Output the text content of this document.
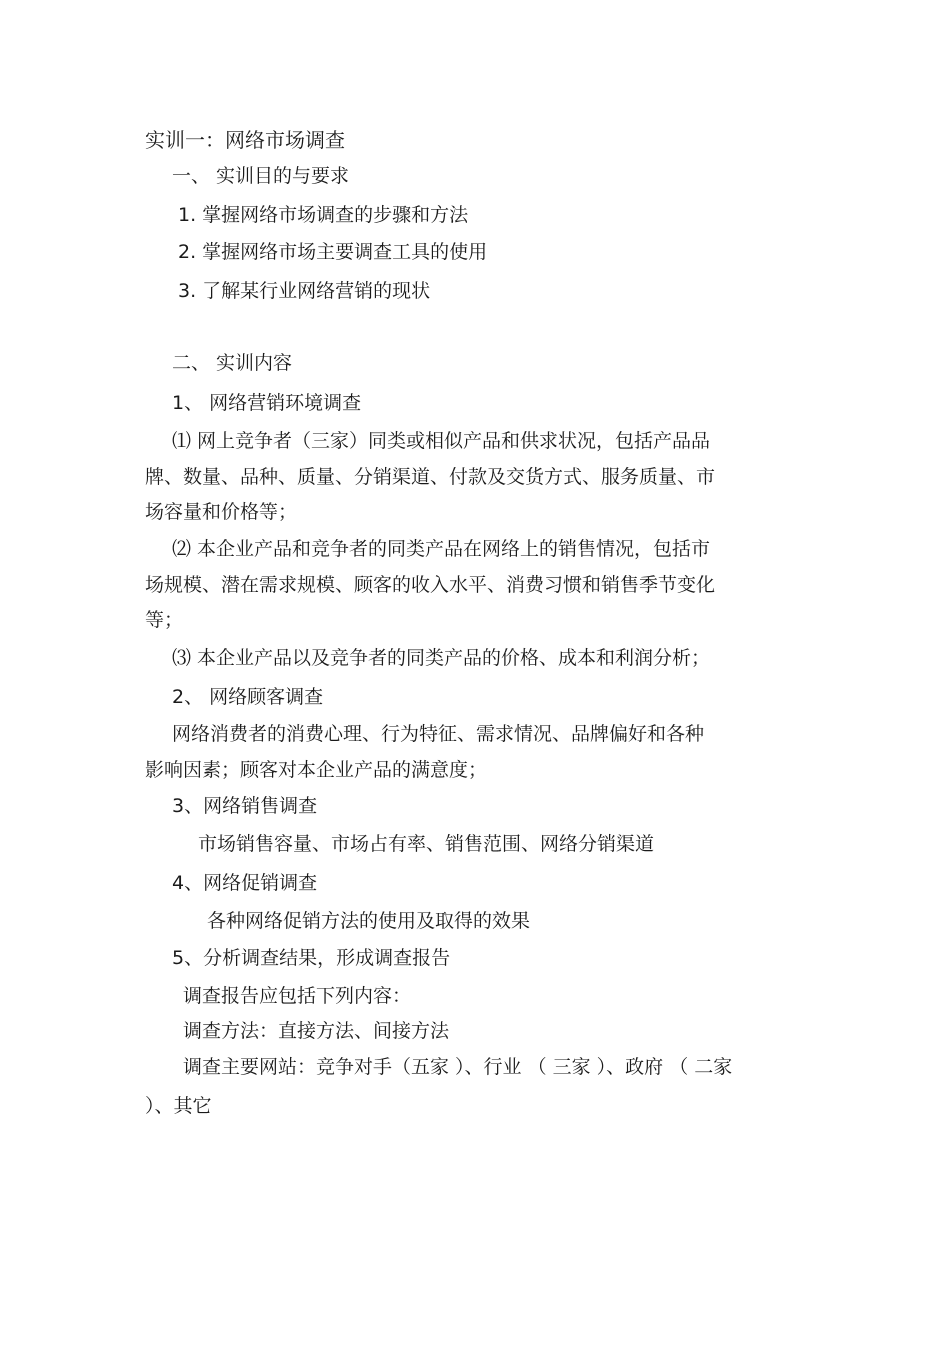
实训一：网络市场调查

一、 实训目的与要求

1. 掌握网络市场调查的步骤和方法

2. 掌握网络市场主要调查工具的使用

3. 了解某行业网络营销的现状

二、 实训内容

1、 网络营销环境调查

⑴ 网上竞争者（三家）同类或相似产品和供求状况，包括产品品

牌、数量、品种、质量、分销渠道、付款及交货方式、服务质量、市

场容量和价格等；

⑵ 本企业产品和竞争者的同类产品在网络上的销售情况，包括市

场规模、潜在需求规模、顾客的收入水平、消费习惯和销售季节变化

等；

⑶ 本企业产品以及竞争者的同类产品的价格、成本和利润分析；

2、 网络顾客调查

网络消费者的消费心理、行为特征、需求情况、品牌偏好和各种

影响因素；顾客对本企业产品的满意度；

3、网络销售调查

市场销售容量、市场占有率、销售范围、网络分销渠道

4、网络促销调查

各种网络促销方法的使用及取得的效果

5、分析调查结果，形成调查报告

调查报告应包括下列内容：

调查方法：直接方法、间接方法

调查主要网站：竞争对手（五家 ）、行业 （ 三家 ）、政府 （ 二家

）、其它
